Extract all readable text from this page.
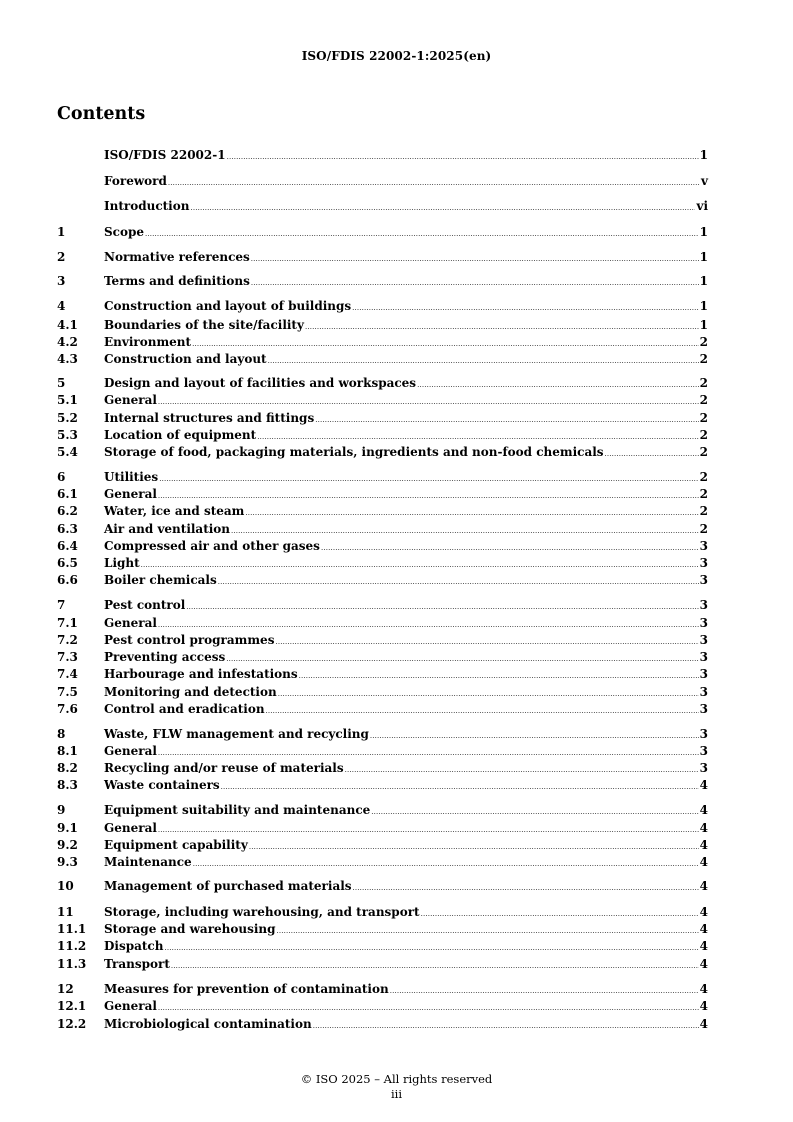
ISO/FDIS 22002-1:2025(en)
Contents
ISO/FDIS 22002-1 .....	1
Foreword .....	v
Introduction .....	vi
1	Scope .....	1
2	Normative references .....	1
3	Terms and definitions .....	1
4	Construction and layout of buildings .....	1
4.1	Boundaries of the site/facility .....	1
4.2	Environment .....	2
4.3	Construction and layout .....	2
5	Design and layout of facilities and workspaces .....	2
5.1	General .....	2
5.2	Internal structures and fittings .....	2
5.3	Location of equipment .....	2
5.4	Storage of food, packaging materials, ingredients and non-food chemicals .....	2
6	Utilities .....	2
6.1	General .....	2
6.2	Water, ice and steam .....	2
6.3	Air and ventilation .....	2
6.4	Compressed air and other gases .....	3
6.5	Light .....	3
6.6	Boiler chemicals .....	3
7	Pest control .....	3
7.1	General .....	3
7.2	Pest control programmes .....	3
7.3	Preventing access .....	3
7.4	Harbourage and infestations .....	3
7.5	Monitoring and detection .....	3
7.6	Control and eradication .....	3
8	Waste, FLW management and recycling .....	3
8.1	General .....	3
8.2	Recycling and/or reuse of materials .....	3
8.3	Waste containers .....	4
9	Equipment suitability and maintenance .....	4
9.1	General .....	4
9.2	Equipment capability .....	4
9.3	Maintenance .....	4
10	Management of purchased materials .....	4
11	Storage, including warehousing, and transport .....	4
11.1	Storage and warehousing .....	4
11.2	Dispatch .....	4
11.3	Transport .....	4
12	Measures for prevention of contamination .....	4
12.1	General .....	4
12.2	Microbiological contamination .....	4
© ISO 2025 – All rights reserved
iii
